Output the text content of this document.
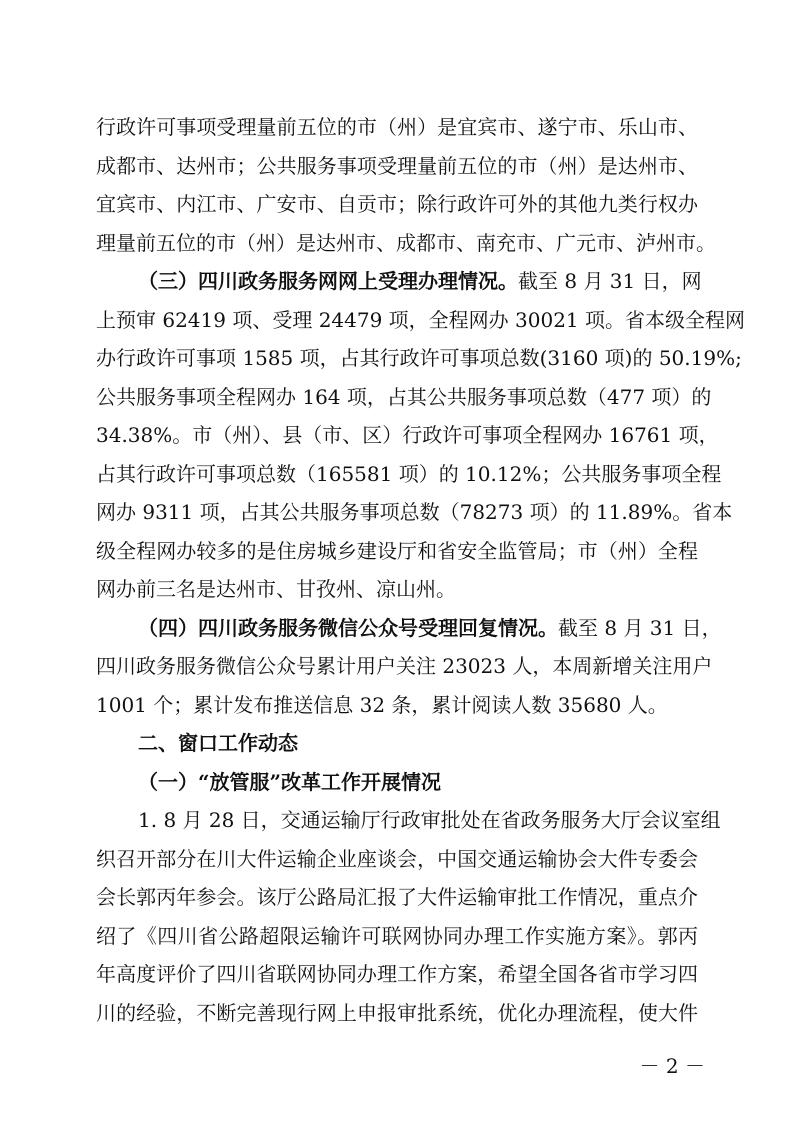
行政许可事项受理量前五位的市（州）是宜宾市、遂宁市、乐山市、
成都市、达州市；公共服务事项受理量前五位的市（州）是达州市、
宜宾市、内江市、广安市、自贡市；除行政许可外的其他九类行权办
理量前五位的市（州）是达州市、成都市、南充市、广元市、泸州市。
（三）四川政务服务网网上受理办理情况。截至 8 月 31 日，网
上预审 62419 项、受理 24479 项，全程网办 30021 项。省本级全程网
办行政许可事项 1585 项，占其行政许可事项总数(3160 项)的 50.19%;
公共服务事项全程网办 164 项，占其公共服务事项总数（477 项）的
34.38%。市（州）、县（市、区）行政许可事项全程网办 16761 项，
占其行政许可事项总数（165581 项）的 10.12%；公共服务事项全程
网办 9311 项，占其公共服务事项总数（78273 项）的 11.89%。省本
级全程网办较多的是住房城乡建设厅和省安全监管局；市（州）全程
网办前三名是达州市、甘孜州、凉山州。
（四）四川政务服务微信公众号受理回复情况。截至 8 月 31 日，
四川政务服务微信公众号累计用户关注 23023 人，本周新增关注用户
1001 个；累计发布推送信息 32 条，累计阅读人数 35680 人。
二、窗口工作动态
（一）“放管服”改革工作开展情况
1. 8 月 28 日，交通运输厅行政审批处在省政务服务大厅会议室组
织召开部分在川大件运输企业座谈会，中国交通运输协会大件专委会
会长郭丙年参会。该厅公路局汇报了大件运输审批工作情况，重点介
绍了《四川省公路超限运输许可联网协同办理工作实施方案》。郭丙
年高度评价了四川省联网协同办理工作方案，希望全国各省市学习四
川的经验，不断完善现行网上申报审批系统，优化办理流程，使大件
－ 2 －
